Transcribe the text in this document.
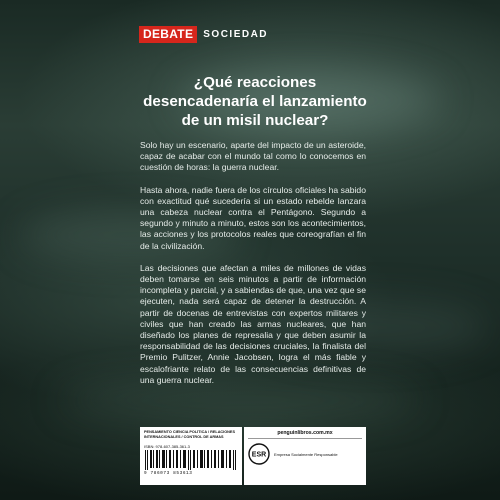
DEBATE	SOCIEDAD
¿Qué reacciones desencadenaría el lanzamiento de un misil nuclear?

Solo hay un escenario, aparte del impacto de un asteroide, capaz de acabar con el mundo tal como lo conocemos en cuestión de horas: la guerra nuclear.

Hasta ahora, nadie fuera de los círculos oficiales ha sabido con exactitud qué sucedería si un estado rebelde lanzara una cabeza nuclear contra el Pentágono. Segundo a segundo y minuto a minuto, estos son los acontecimientos, las acciones y los protocolos reales que coreografían el fin de la civilización.

Las decisiones que afectan a miles de millones de vidas deben tomarse en seis minutos a partir de información incompleta y parcial, y a sabiendas de que, una vez que se ejecuten, nada será capaz de detener la destrucción. A partir de docenas de entrevistas con expertos militares y civiles que han creado las armas nucleares, que han diseñado los planes de represalia y que deben asumir la responsabilidad de las decisiones cruciales, la finalista del Premio Pulitzer, Annie Jacobsen, logra el más fiable y escalofriante relato de las consecuencias definitivas de una guerra nuclear.

PENSAMIENTO CIENCIA POLÍTICA / RELACIONES INTERNACIONALES / CONTROL DE ARMAS
ISBN: 978-607-385-361-3
9 786073 853613
penguinlibros.com.mx
ESR Empresa Socialmente Responsable
